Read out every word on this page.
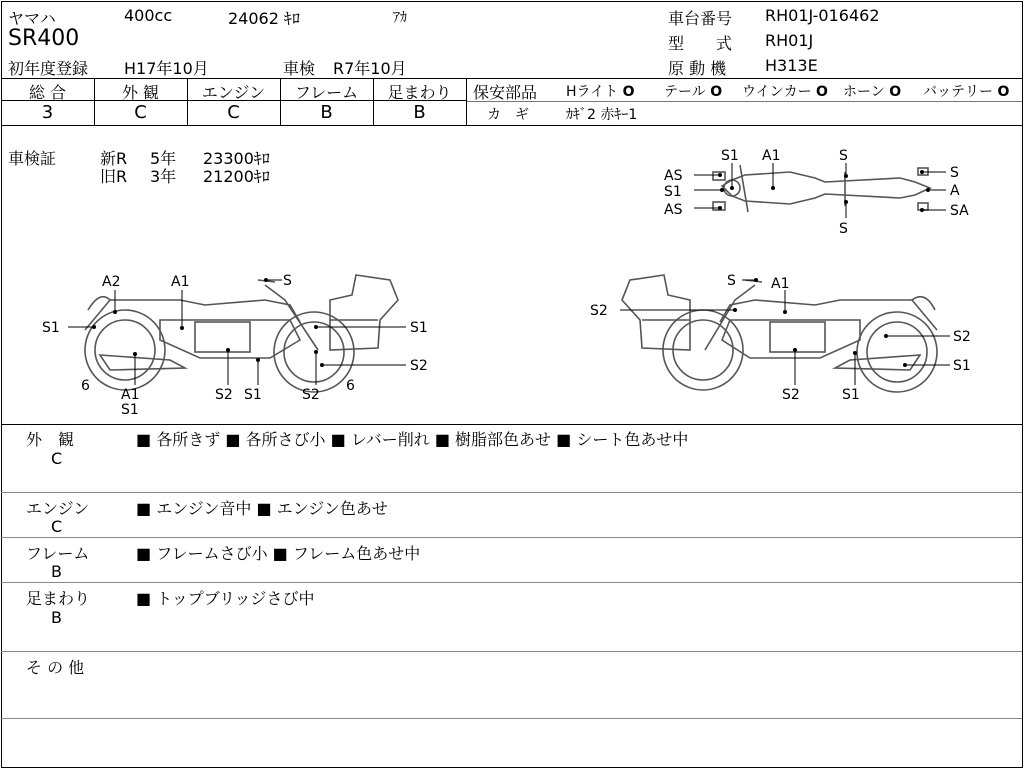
ヤマハ	400cc	24062 ｷﾛ	ｱｶ
SR400
初年度登録 H17年10月	車検 R7年10月
車台番号 RH01J-016462
型　　式 RH01J
原 動 機 H313E
総 合	外 観	エンジン	フレーム	足まわり
3	C	C	B	B
保安部品 Hライト O テール O ウインカー O ホーン O バッテリー O
カ　ギ	ｶｷﾞ2 赤ｷｰ1
車検証	新R 5年 23300ｷﾛ
旧R 3年 21200ｷﾛ
S1 A1	S
AS	S
S1	A
AS	SA
S
A2	A1	S
S1	S1
6
A1
S1
S2 S1	S2
6
S2
S	A1
S2
S2
S1
S2	S1
外　観
C
■ 各所きず ■ 各所さび小 ■ レバー削れ ■ 樹脂部色あせ ■ シート色あせ中
エンジン
C
■ エンジン音中 ■ エンジン色あせ
フレーム
B
■ フレームさび小 ■ フレーム色あせ中
足まわり
B
■ トップブリッジさび中
そ の 他
